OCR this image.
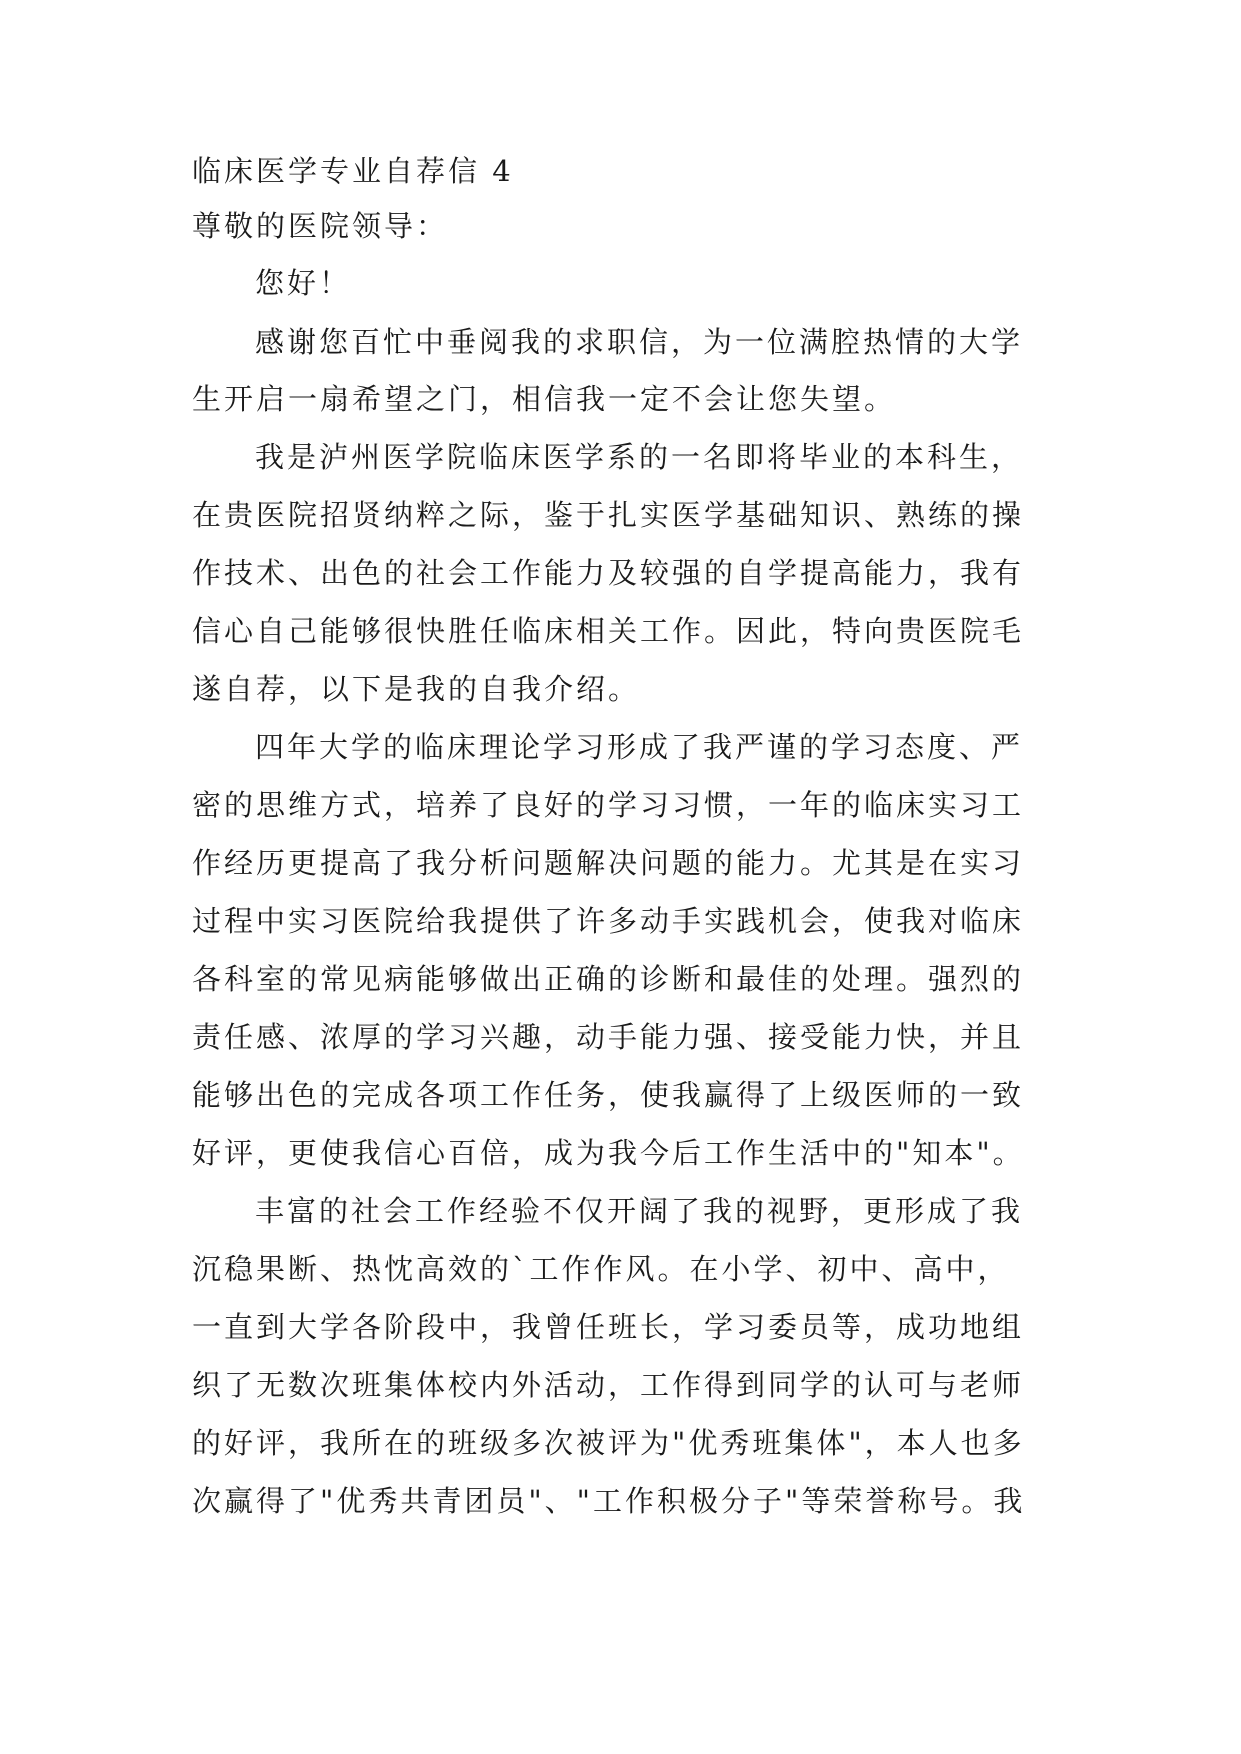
临床医学专业自荐信 4
尊敬的医院领导：
您好！
感谢您百忙中垂阅我的求职信，为一位满腔热情的大学
生开启一扇希望之门，相信我一定不会让您失望。
我是泸州医学院临床医学系的一名即将毕业的本科生，
在贵医院招贤纳粹之际，鉴于扎实医学基础知识、熟练的操
作技术、出色的社会工作能力及较强的自学提高能力，我有
信心自己能够很快胜任临床相关工作。因此，特向贵医院毛
遂自荐，以下是我的自我介绍。
四年大学的临床理论学习形成了我严谨的学习态度、严
密的思维方式，培养了良好的学习习惯，一年的临床实习工
作经历更提高了我分析问题解决问题的能力。尤其是在实习
过程中实习医院给我提供了许多动手实践机会，使我对临床
各科室的常见病能够做出正确的诊断和最佳的处理。强烈的
责任感、浓厚的学习兴趣，动手能力强、接受能力快，并且
能够出色的完成各项工作任务，使我赢得了上级医师的一致
好评，更使我信心百倍，成为我今后工作生活中的"知本"。
丰富的社会工作经验不仅开阔了我的视野，更形成了我
沉稳果断、热忱高效的`工作作风。在小学、初中、高中，
一直到大学各阶段中，我曾任班长，学习委员等，成功地组
织了无数次班集体校内外活动，工作得到同学的认可与老师
的好评，我所在的班级多次被评为"优秀班集体"，本人也多
次赢得了"优秀共青团员"、"工作积极分子"等荣誉称号。我
